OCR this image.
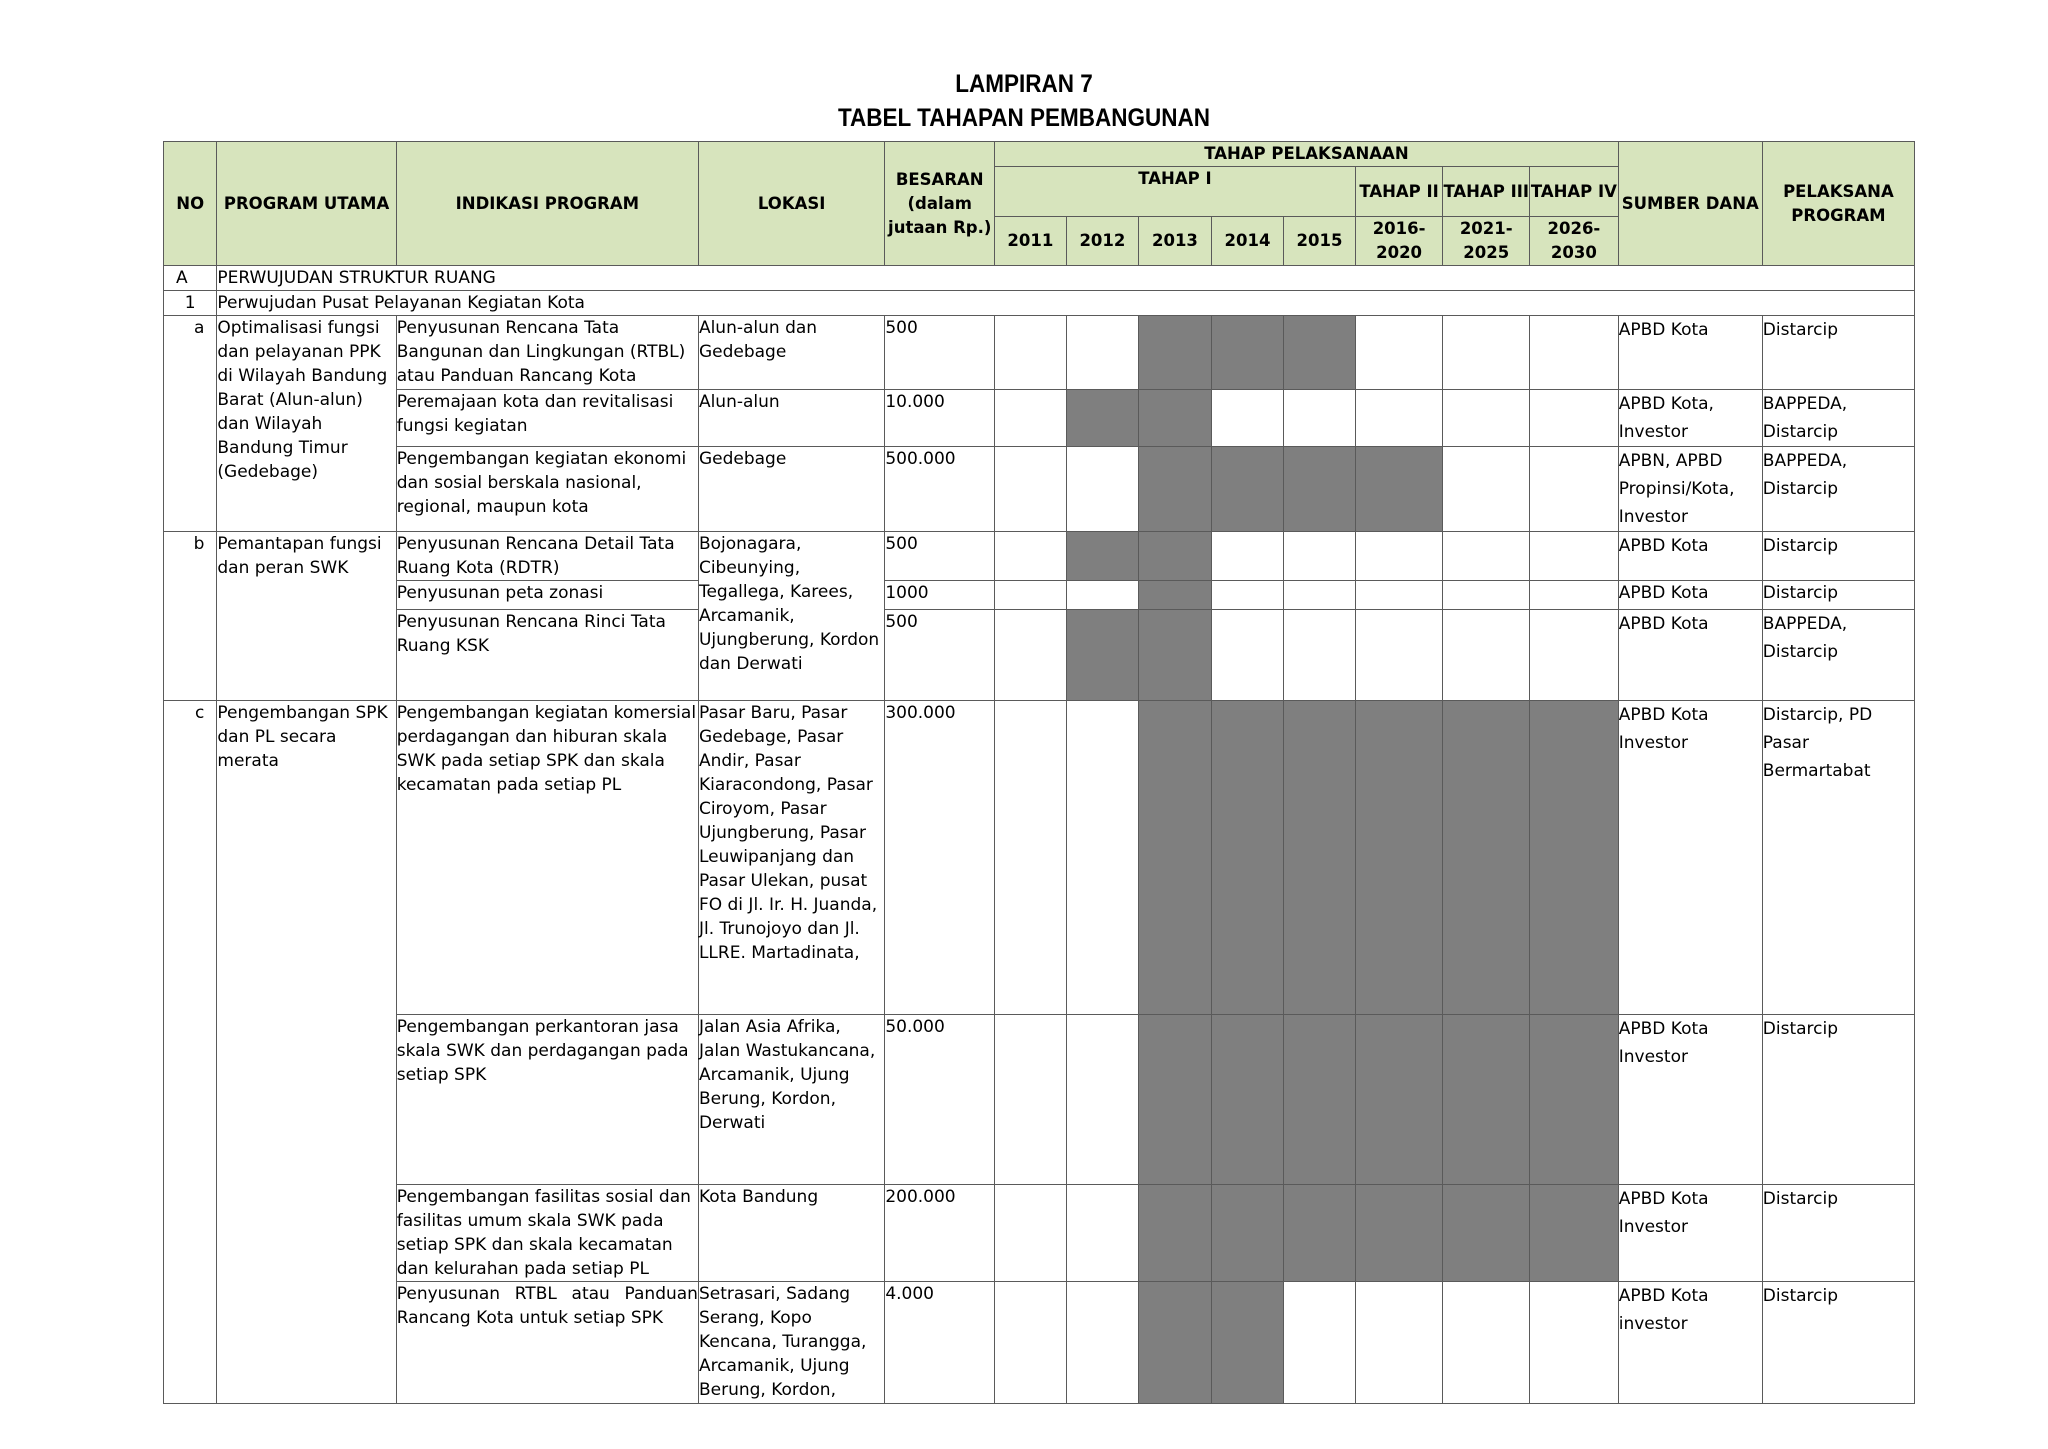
LAMPIRAN 7
TABEL TAHAPAN PEMBANGUNAN
NO	PROGRAM UTAMA	INDIKASI PROGRAM	LOKASI	BESARAN (dalam jutaan Rp.)	TAHAP PELAKSANAAN								SUMBER DANA	PELAKSANA PROGRAM
					TAHAP I					TAHAP II	TAHAP III	TAHAP IV		
					2011	2012	2013	2014	2015	2016-2020	2021-2025	2026-2030		
A	PERWUJUDAN STRUKTUR RUANG													
1	Perwujudan Pusat Pelayanan Kegiatan Kota													
a	Optimalisasi fungsi dan pelayanan PPK di Wilayah Bandung Barat (Alun-alun) dan Wilayah Bandung Timur (Gedebage)	Penyusunan Rencana Tata Bangunan dan Lingkungan (RTBL) atau Panduan Rancang Kota	Alun-alun dan Gedebage	500									APBD Kota	Distarcip
		Peremajaan kota dan revitalisasi fungsi kegiatan	Alun-alun	10.000									APBD Kota, Investor	BAPPEDA, Distarcip
		Pengembangan kegiatan ekonomi dan sosial berskala nasional, regional, maupun kota	Gedebage	500.000									APBN, APBD Propinsi/Kota, Investor	BAPPEDA, Distarcip
b	Pemantapan fungsi dan peran SWK	Penyusunan Rencana Detail Tata Ruang Kota (RDTR)	Bojonagara, Cibeunying, Tegallega, Karees, Arcamanik, Ujungberung, Kordon dan Derwati	500									APBD Kota	Distarcip
		Penyusunan peta zonasi		1000									APBD Kota	Distarcip
		Penyusunan Rencana Rinci Tata Ruang KSK		500									APBD Kota	BAPPEDA, Distarcip
c	Pengembangan SPK dan PL secara merata	Pengembangan kegiatan komersial perdagangan dan hiburan skala SWK pada setiap SPK dan skala kecamatan pada setiap PL	Pasar Baru, Pasar Gedebage, Pasar Andir, Pasar Kiaracondong, Pasar Ciroyom, Pasar Ujungberung, Pasar Leuwipanjang dan Pasar Ulekan, pusat FO di Jl. Ir. H. Juanda, Jl. Trunojoyo dan Jl. LLRE. Martadinata,	300.000									APBD Kota Investor	Distarcip, PD Pasar Bermartabat
		Pengembangan perkantoran jasa skala SWK dan perdagangan pada setiap SPK	Jalan Asia Afrika, Jalan Wastukancana, Arcamanik, Ujung Berung, Kordon, Derwati	50.000									APBD Kota Investor	Distarcip
		Pengembangan fasilitas sosial dan fasilitas umum skala SWK pada setiap SPK dan skala kecamatan dan kelurahan pada setiap PL	Kota Bandung	200.000									APBD Kota Investor	Distarcip
		Penyusunan RTBL atau Panduan Rancang Kota untuk setiap SPK	Setrasari, Sadang Serang, Kopo Kencana, Turangga, Arcamanik, Ujung Berung, Kordon,	4.000									APBD Kota investor	Distarcip
